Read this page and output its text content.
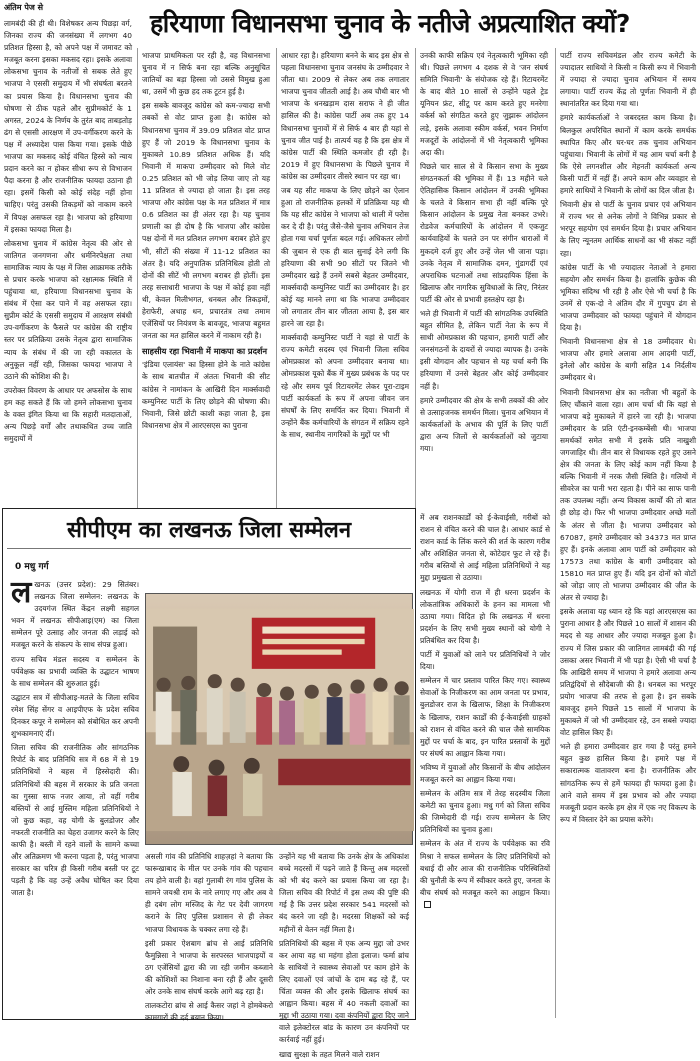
अंतिम पेज से
हरियाणा विधानसभा चुनाव के नतीजे अप्रत्याशित क्यों?

लामबंदी की ही थी। विशेषकर अन्य पिछड़ा वर्ग, जिनका राज्य की जनसंख्या में लगभग 40 प्रतिशत हिस्सा है, को अपने पक्ष में जमावट को मजबूत करना इसका मकसद रहा। इसके अलावा लोकसभा चुनाव के नतीजों से सबक लेते हुए भाजपा ने एससी समुदाय में भी संघर्षता बरतने का प्रयास किया है। विधानसभा चुनाव की घोषणा से ठीक पहले और सुप्रीमकोर्ट के 1 अगस्त, 2024 के निर्णय के तुरंत बाद ताबड़तोड़ ढंग से एससी आरक्षण में उप-वर्गीकरण करने के पक्ष में अध्यादेश पास किया गया। इसके पीछे भाजपा का मकसद कोई वंचित हिस्से को न्याय प्रदान करने का न होकर सीधा रूप से विभाजन पैदा करना है और राजनीतिक फायदा उठाना ही रहा। इसमें किसी को कोई संदेह नहीं होना चाहिए। परंतु उसकी तिकड़मों को नाकाम करने में विपक्ष असफल रहा है। भाजपा को हरियाणा में इसका फायदा मिला है।

लोकसभा चुनाव में कांग्रेस नेतृत्व की ओर से जातिगत जनगणना और धर्मनिरपेक्षता तथा सामाजिक न्याय के पक्ष में जिस आक्रामक तरीके से प्रचार करके भाजपा को रक्षात्मक स्थिति में पहुंचाया था, हरियाणा विधानसभा चुनाव के संबंध में ऐसा कर पाने में वह असफल रहा। सुप्रीम कोर्ट के एससी समुदाय में आरक्षण संबंधी उप-वर्गीकरण के फैसले पर कांग्रेस की राष्ट्रीय स्तर पर प्रतिक्रिया उसके नेतृत्व द्वारा सामाजिक न्याय के संबंध में की जा रही वकालत के अनुकूल नहीं रही, जिसका फायदा भाजपा ने उठाने की कोशिश की है।

उपरोक्त विवरण के आधार पर अफसोस के साथ हम कह सकते हैं कि जो हमने लोकसभा चुनाव के वक्त इंगित किया था कि सहारी मतदाताओं, अन्य पिछड़े वर्गों और तथाकथित उच्च जाति समुदायों में

भाजपा प्राथमिकता पर रही है, वह विधानसभा चुनाव में न सिर्फ बना रहा बल्कि अनुसूचित जातियों का बड़ा हिस्सा जो उससे विमुख हुआ था, उसमें भी कुछ हद तक टूटन हुई है।

इस सबके बावजूद कांग्रेस को कम-ज्यादा सभी तबकों से वोट प्राप्त हुआ है। कांग्रेस को विधानसभा चुनाव में 39.09 प्रतिशत वोट प्राप्त हुए हैं जो 2019 के विधानसभा चुनाव के मुकाबले 10.89 प्रतिशत अधिक हैं। यदि भिवानी में माकपा उम्मीदवार को मिले वोट 0.25 प्रतिशत को भी जोड़ लिया जाए तो यह 11 प्रतिशत से ज्यादा हो जाता है। इस तरह भाजपा और कांग्रेस पक्ष के मत प्रतिशत में मात्र 0.6 प्रतिशत का ही अंतर रहा है। यह चुनाव प्रणाली का ही दोष है कि भाजपा और कांग्रेस पक्ष दोनों में मत प्रतिशत लगभग बराबर होते हुए भी, सीटों की संख्या में 11-12 प्रतिशत का अंतर है। यदि अनुपातिक प्रतिनिधित्व होती तो दोनों की सीटें भी लगभग बराबर ही होतीं। इस तरह सत्ताधारी भाजपा के पक्ष में कोई हवा नहीं थी, केवल मिलीभगत, धनबल और तिकड़मों, हेराफेरी, अथाह धन, प्रचारतंत्र तथा तमाम एजेंसियों पर नियंत्रण के बावजूद, भाजपा बहुमत जनता का मत हासिल करने में नाकाम रही है।

साहसीय रहा भिवानी में माकपा का प्रदर्शन

'इंडिया एलायंस' का हिस्सा होने के नाते कांग्रेस के साथ बातचीत में अंततः भिवानी की सीट कांग्रेस ने नामांकन के आखिरी दिन मार्क्सवादी कम्युनिस्ट पार्टी के लिए छोड़ने की घोषणा की। भिवानी, जिसे छोटी काशी कहा जाता है, इस विधानसभा क्षेत्र में आरएसएस का पुराना

आधार रहा है। हरियाणा बनने के बाद इस क्षेत्र से पहला विधानसभा चुनाव जनसंघ के उम्मीदवार ने जीता था। 2009 से लेकर अब तक लगातार भाजपा चुनाव जीतती आई है। अब चौथी बार भी भाजपा के धनखड़ाम दास सराफ ने ही जीत हासिल की है। कांग्रेस पार्टी अब तक हुए 14 विधानसभा चुनावों में से सिर्फ 4 बार ही यहां से चुनाव जीत पाई है। तात्पर्य यह है कि इस क्षेत्र में कांग्रेस पार्टी की स्थिति कमजोर ही रही है। 2019 में हुए विधानसभा के पिछले चुनाव में कांग्रेस का उम्मीदवार तीसरे स्थान पर रहा था।

जब यह सीट माकपा के लिए छोड़ने का ऐलान हुआ तो राजनीतिक हलकों में प्रतिक्रिया यह थी कि यह सीट कांग्रेस ने भाजपा को थाली में परोस कर दे दी है। परंतु जैसे-जैसे चुनाव अभियान तेज होता गया चर्चा पूर्णतः बदल गई। अधिकतर लोगों की जुबान से एक ही बात सुनाई देने लगी कि हरियाणा की सभी 90 सीटों पर जितने भी उम्मीदवार खड़े हैं उनमें सबसे बेहतर उम्मीदवार, मार्क्सवादी कम्युनिस्ट पार्टी का उम्मीदवार है। हर कोई यह मानने लगा था कि भाजपा उम्मीदवार जो लगातार तीन बार जीतता आया है, इस बार हारने जा रहा है।

मार्क्सवादी कम्युनिस्ट पार्टी ने यहां से पार्टी के राज्य कमेटी सदस्य एवं भिवानी जिला सचिव ओमप्रकाश को अपना उम्मीदवार बनाया था। ओमप्रकाश यूको बैंक में मुख्य प्रबंधक के पद पर रहे और समय पूर्व रिटायरमेंट लेकर पूरा-टाइम पार्टी कार्यकर्ता के रूप में अपना जीवन जन संघर्षों के लिए समर्पित कर दिया। भिवानी में उन्होंने बैंक कर्मचारियों के संगठन में सक्रिय रहने के साथ, स्थानीय नागरिकों के मुद्दों पर भी

उनकी काफी सक्रिय एवं नेतृत्वकारी भूमिका रही थी। पिछले लगभग 4 दशक से वे 'जन संघर्ष समिति भिवानी' के संयोजक रहे हैं। रिटायरमेंट के बाद बीते 10 सालों से उन्होंने पहले ट्रेड यूनियन फ्रंट, सीटू पर काम करते हुए मनरेगा वर्कर्स को संगठित करते हुए जुझारू आंदोलन लड़े, इसके अलावा स्कीम वर्कर्स, भवन निर्माण मजदूरों के आंदोलनों में भी नेतृत्वकारी भूमिका अदा की।

पिछले चार साल से वे किसान सभा के मुख्य संगठनकर्ता की भूमिका में हैं। 13 महीने चले ऐतिहासिक किसान आंदोलन में उनकी भूमिका के चलते वे किसान सभा ही नहीं बल्कि पूरे किसान आंदोलन के प्रमुख नेता बनकर उभरे। रोडवेज कर्मचारियों के आंदोलन में एकजुट कार्यवाहियों के चलते उन पर संगीन धाराओं में मुकदमे दर्ज हुए और उन्हें जेल भी जाना पड़ा। उनके नेतृत्व में सामाजिक दमन, गुंडागर्दी एवं अपराधिक घटनाओं तथा सांप्रदायिक हिंसा के खिलाफ और नागरिक सुविधाओं के लिए, निरंतर पार्टी की ओर से प्रभावी हस्तक्षेप रहा है।

भले ही भिवानी में पार्टी की सांगठनिक उपस्थिति बहुत सीमित है, लेकिन पार्टी नेता के रूप में साथी ओमप्रकाश की पहचान, हमारी पार्टी और जनसंगठनों के दायरों से ज्यादा व्यापक है। उनके इसी योगदान और पहचान से यह चर्चा बनी कि हरियाणा में उनसे बेहतर और कोई उम्मीदवार नहीं है।

हमारे उम्मीदवार की क्षेत्र के सभी तबकों की ओर से उत्साहजनक समर्थन मिला। चुनाव अभियान में कार्यकर्ताओं के अभाव की पूर्ति के लिए पार्टी द्वारा अन्य जिलों से कार्यकर्ताओं को जुटाया गया।

पार्टी राज्य सचिवमंडल और राज्य कमेटी के ज्यादातर साथियों ने किसी न किसी रूप में भिवानी में ज्यादा से ज्यादा चुनाव अभियान में समय लगाया। पार्टी राज्य केंद्र तो पूर्णतः भिवानी में ही स्थानांतरित कर दिया गया था।

हमारे कार्यकर्ताओं ने जबरदस्त काम किया है। बिलकुल अपरिचित स्थानों में काम करके समर्थक स्थापित किए और घर-घर तक चुनाव अभियान पहुंचाया। भिवानी के लोगों में यह आम चर्चा बनी है कि ऐसे लगनशील और मेहनती कार्यकर्ता अन्य किसी पार्टी में नहीं हैं। अपने काम और व्यवहार से हमारे साथियों ने भिवानी के लोगों का दिल जीता है।

भिवानी क्षेत्र से पार्टी के चुनाव प्रचार एवं अभियान में राज्य भर से अनेक लोगों ने विभिन्न प्रकार से भरपूर सहयोग एवं समर्थन दिया है। प्रचार अभियान के लिए न्यूनतम आर्थिक साधनों का भी संकट नहीं रहा।

कांग्रेस पार्टी के भी ज्यादातर नेताओं ने हमारा सहयोग और समर्थन किया है। हालांकि कुछेक की भूमिका संदिग्ध भी रही है और ऐसे भी चर्चा है कि उनमें से एक-दो ने अंतिम दौर में गुपचुप ढंग से भाजपा उम्मीदवार को फायदा पहुंचाने में योगदान दिया है।

भिवानी विधानसभा क्षेत्र से 18 उम्मीदवार थे। भाजपा और हमारे अलावा आम आदमी पार्टी, इनेलो और कांग्रेस के बागी सहित 14 निर्दलीय उम्मीदवार थे।

भिवानी विधानसभा क्षेत्र का नतीजा भी बहुतों के लिए चौंकाने वाला रहा। आम चर्चा थी कि यहां से भाजपा बड़े मुकाबले में हारने जा रही है। भाजपा उम्मीदवार के प्रति एंटी-इनकम्बेंसी थी। भाजपा समर्थकों समेत सभी में इसके प्रति नाखुशी जगजाहिर थी। तीन बार से विधायक रहते हुए उसने क्षेत्र की जनता के लिए कोई काम नहीं किया है बल्कि भिवानी में नरक जैसी स्थिति है। गलियों में सीवरेज का पानी भरा रहता है। पीने का साफ पानी तक उपलब्ध नहीं। अन्य विकास कार्यों की तो बात ही छोड़ दो। फिर भी भाजपा उम्मीदवार अच्छे मतों के अंतर से जीता है। भाजपा उम्मीदवार को 67087, हमारे उम्मीदवार को 34373 मत प्राप्त हुए हैं। इनके अलावा आम पार्टी को उम्मीदवार को 17573 तथा कांग्रेस के बागी उम्मीदवार को 15810 मत प्राप्त हुए हैं। यदि इन दोनों को वोटों को जोड़ा जाए तो भाजपा उम्मीदवार की जीत के अंतर से ज्यादा है।

इसके अलावा यह ध्यान रहे कि यहां आरएसएस का पुराना आधार है और पिछले 10 सालों में शासन की मदद से यह आधार और ज्यादा मजबूत हुआ है। राज्य में जिस प्रकार की जातिगत लामबंदी की गई उसका असर भिवानी में भी पड़ा है। ऐसी भी चर्चा है कि आखिरी समय में भाजपा ने हमारे अलावा अन्य प्रतिद्वंदियों से सौदेबाजी की है। धनबल का भरपूर प्रयोग भाजपा की तरफ से हुआ है। इन सबके बावजूद हमने पिछले 15 सालों में भाजपा के मुकाबले में जो भी उम्मीदवार रहे, उन सबसे ज्यादा वोट हासिल किए हैं।

भले ही हमारा उम्मीदवार हार गया है परंतु हमने बहुत कुछ हासिल किया है। हमारे पक्ष में सकारात्मक वातावरण बना है। राजनीतिक और सांगठनिक रूप से हमें फायदा ही फायदा हुआ है। आने वाले समय में इस प्रभाव को और ज्यादा मजबूती प्रदान करके हम क्षेत्र में एक नए विकल्प के रूप में विस्तार देने का प्रयास करेंगे।

सीपीएम का लखनऊ जिला सम्मेलन
0 मधु गर्ग

लखनऊ (उत्तर प्रदेश): 29 सितंबर। लखनऊ जिला सम्मेलन: लखनऊ के उदयगंज स्थित केंद्रन लक्ष्मी सहगल भवन में लखनऊ सीपीआइ(एम) का जिला सम्मेलन पूरे उत्साह और जनता की लड़ाई को मजबूत करने के संकल्प के साथ संपन्न हुआ।

राज्य सचिव मंडल सदस्य व सम्मेलन के पर्यवेक्षक का प्रभावी व्यक्ति के उद्घाटन भाषण के साथ सम्मेलन की शुरुआत हुई।

उद्घाटन सत्र में सीपीआइ-मतले के जिला सचिव रमेश सिंह सेंगर व आइपीएफ के प्रदेश सचिव दिनकर कपूर ने सम्मेलन को संबोधित कर अपनी शुभकामनाएं दीं।

जिला सचिव की राजनीतिक और सांगठनिक रिपोर्ट के बाद प्रतिनिधि सत्र में 68 में से 19 प्रतिनिधियों ने बहस में हिस्सेदारी की। प्रतिनिधियों की बहस में सरकार के प्रति जनता का गुस्सा साफ नजर आया, तो वहीं गरीब बस्तियों से आई मुस्लिम महिला प्रतिनिधियों ने जो कुछ कहा, वह योगी के बुलडोजर और नफरती राजनीति का चेहरा उजागर करने के लिए काफी है। बस्ती में रहने वालों के सामने कच्चा और अतिक्रमण भी करना पड़ता है, परंतु भाजपा सरकार का चरित्र ही किसी गरीब बस्ती पर टूट पड़ती है कि वह उन्हें अवैध घोषित कर दिया जाता है।

असली गांव की प्रतिनिधि शाहज़हां ने बताया कि फारूखाबाद के मील पर उनके गांव की पहचान तय होने वाली है। वहां गुलाबी रंग गांव पुलिस के सामने जयश्री राम के नारे लगाए गए और अब वे ही दबंग लोग मस्जिद के गेट पर देवी जागरण कराने के लिए पुलिस प्रशासन से ही लेकर भाजपा विधायक के चक्कर लगा रहे हैं।

इसी प्रकार ऐशबाग ब्रांच से आई प्रतिनिधि फैमुन्निसा ने भाजपा के सरपरस्त भाजपाइयों व ठग एजेंसियों द्वारा की जा रही जमीन कब्जाने की कोशिशों का निशाना बना रही हैं और दूसरी ओर उनके साथ संघर्ष करके आगे बढ़ रहा है।

तालकटोरा ब्रांच से आई कैसर जहां ने होमबेकरो कामगारों की दर्द बयान किया।

उन्होंने यह भी बताया कि उनके क्षेत्र के अधिकांश बच्चे मदरसों में पढ़ने जाते हैं किन्तु अब मदरसों को भी बंद करने का प्रयास किया जा रहा है। जिला सचिव की रिपोर्ट में इस तथ्य की पुष्टि की गई है कि उत्तर प्रदेश सरकार 541 मदरसों को बंद करने जा रही है। मदरसा शिक्षकों को कई महीनों से वेतन नहीं मिला है।

प्रतिनिधियों की बहस में एक अन्य मुद्दा जो उभर कर आया वह था महंगा होता इलाज। फर्मा ब्रांच के साथियों ने स्वास्थ्य सेवाओं पर काम होने के लिए दवाओं एवं जांचों के दाम बढ़ रहे हैं, पर चिंता व्यक्त की और इसके खिलाफ संघर्ष का आह्वान किया। बहस में 40 नकली दवाओं का मुद्दा भी उठाया गया। दवा कंपनियों द्वारा दिए जाने वाले इलेक्टोरल बांड के कारण उन कंपनियों पर कार्रवाई नहीं हुई।

खाद्य सुरक्षा के तहत मिलने वाले राशन

में अब राशनकार्डों को ई-केवाईसी, गरीबों को राशन से वंचित करने की चाल है। आधार कार्ड से राशन कार्ड के लिंक करने की शर्त के कारण गरीब और अशिक्षित जनता से, कोटेदार फूट ले रहे हैं। गरीब बस्तियों से आई महिला प्रतिनिधियों ने यह मुद्दा प्रमुखता से उठाया।

लखनऊ में योगी राज में ही धरना प्रदर्शन के लोकतांत्रिक अधिकारों के हनन का मामला भी उठाया गया। विदित हो कि लखनऊ में धरना प्रदर्शन के लिए सभी मुख्य स्थानों को योगी ने प्रतिबंधित कर दिया है।

पार्टी में युवाओं को लाने पर प्रतिनिधियों ने जोर दिया।

सम्मेलन में चार प्रस्ताव पारित किए गए। स्वास्थ्य सेवाओं के निजीकरण का आम जनता पर प्रभाव, बुलडोजर राज के खिलाफ, शिक्षा के निजीकरण के खिलाफ, राशन कार्डों की ई-केवाईसी ग्राहकों को राशन से वंचित करने की चाल जैसे सामयिक मुद्दों पर चर्चा के बाद, इन पारित प्रस्तावों के मुद्दों पर संघर्ष का आह्वान किया गया।

भविष्य में युवाओं और किसानों के बीच आंदोलन मजबूत करने का आह्वान किया गया।

सम्मेलन के अंतिम सत्र में तेरह सदस्यीय जिला कमेटी का चुनाव हुआ। मधु गर्ग को जिला सचिव की जिम्मेदारी दी गई। राज्य सम्मेलन के लिए प्रतिनिधियों का चुनाव हुआ।

सम्मेलन के अंत में राज्य के पर्यवेक्षक का रवि मिश्रा ने सफल सम्मेलन के लिए प्रतिनिधियों को बधाई दी और आज की राजनीतिक परिस्थितियों की चुनौती के रूप में स्वीकार करते हुए, जनता के बीच संघर्ष को मजबूत करने का आह्वान किया।
